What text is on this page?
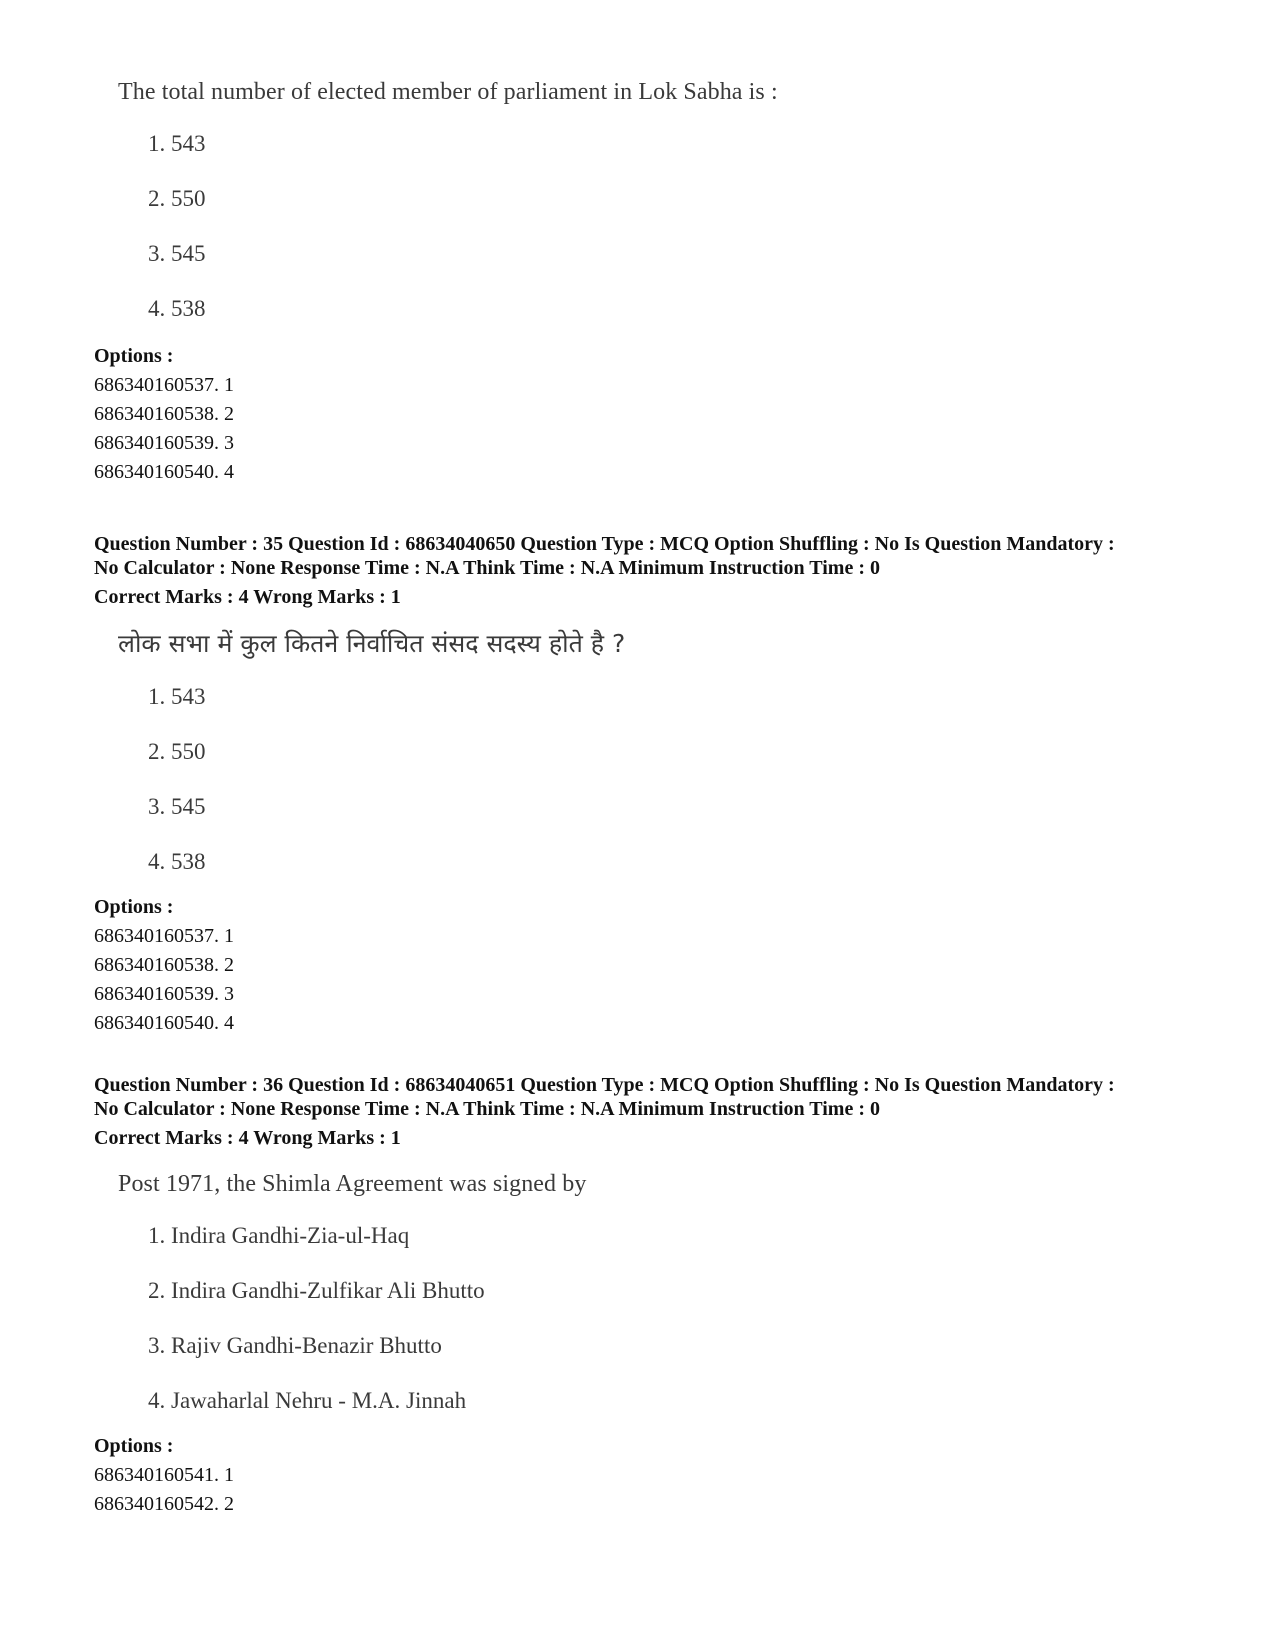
The total number of elected member of parliament in Lok Sabha is :

1. 543
2. 550
3. 545
4. 538
Options :
686340160537. 1
686340160538. 2
686340160539. 3
686340160540. 4
Question Number : 35 Question Id : 68634040650 Question Type : MCQ Option Shuffling : No Is Question Mandatory :
No Calculator : None Response Time : N.A Think Time : N.A Minimum Instruction Time : 0
Correct Marks : 4 Wrong Marks : 1

लोक सभा में कुल कितने निर्वाचित संसद सदस्य होते है ?

1. 543
2. 550
3. 545
4. 538
Options :
686340160537. 1
686340160538. 2
686340160539. 3
686340160540. 4
Question Number : 36 Question Id : 68634040651 Question Type : MCQ Option Shuffling : No Is Question Mandatory :
No Calculator : None Response Time : N.A Think Time : N.A Minimum Instruction Time : 0
Correct Marks : 4 Wrong Marks : 1

Post 1971, the Shimla Agreement was signed by

1. Indira Gandhi-Zia-ul-Haq
2. Indira Gandhi-Zulfikar Ali Bhutto
3. Rajiv Gandhi-Benazir Bhutto
4. Jawaharlal Nehru - M.A. Jinnah
Options :
686340160541. 1
686340160542. 2
